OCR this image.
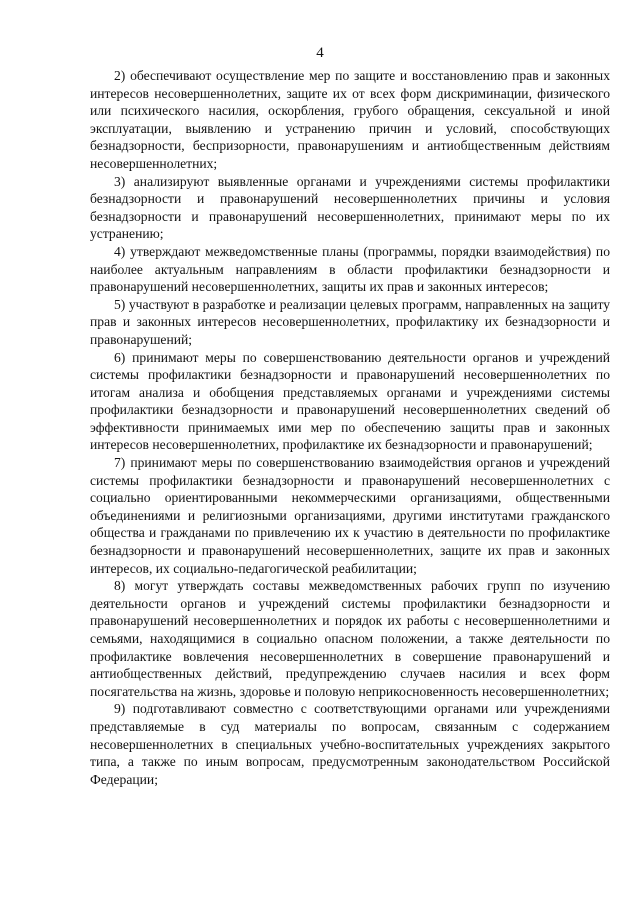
4

2) обеспечивают осуществление мер по защите и восстановлению прав и законных интересов несовершеннолетних, защите их от всех форм дискриминации, физического или психического насилия, оскорбления, грубого обращения, сексуальной и иной эксплуатации, выявлению и устранению причин и условий, способствующих безнадзорности, беспризорности, правонарушениям и антиобщественным действиям несовершеннолетних;

3) анализируют выявленные органами и учреждениями системы профилактики безнадзорности и правонарушений несовершеннолетних причины и условия безнадзорности и правонарушений несовершеннолетних, принимают меры по их устранению;

4) утверждают межведомственные планы (программы, порядки взаимодействия) по наиболее актуальным направлениям в области профилактики безнадзорности и правонарушений несовершеннолетних, защиты их прав и законных интересов;

5) участвуют в разработке и реализации целевых программ, направленных на защиту прав и законных интересов несовершеннолетних, профилактику их безнадзорности и правонарушений;

6) принимают меры по совершенствованию деятельности органов и учреждений системы профилактики безнадзорности и правонарушений несовершеннолетних по итогам анализа и обобщения представляемых органами и учреждениями системы профилактики безнадзорности и правонарушений несовершеннолетних сведений об эффективности принимаемых ими мер по обеспечению защиты прав и законных интересов несовершеннолетних, профилактике их безнадзорности и правонарушений;

7) принимают меры по совершенствованию взаимодействия органов и учреждений системы профилактики безнадзорности и правонарушений несовершеннолетних с социально ориентированными некоммерческими организациями, общественными объединениями и религиозными организациями, другими институтами гражданского общества и гражданами по привлечению их к участию в деятельности по профилактике безнадзорности и правонарушений несовершеннолетних, защите их прав и законных интересов, их социально-педагогической реабилитации;

8) могут утверждать составы межведомственных рабочих групп по изучению деятельности органов и учреждений системы профилактики безнадзорности и правонарушений несовершеннолетних и порядок их работы с несовершеннолетними и семьями, находящимися в социально опасном положении, а также деятельности по профилактике вовлечения несовершеннолетних в совершение правонарушений и антиобщественных действий, предупреждению случаев насилия и всех форм посягательства на жизнь, здоровье и половую неприкосновенность несовершеннолетних;

9) подготавливают совместно с соответствующими органами или учреждениями представляемые в суд материалы по вопросам, связанным с содержанием несовершеннолетних в специальных учебно-воспитательных учреждениях закрытого типа, а также по иным вопросам, предусмотренным законодательством Российской Федерации;
